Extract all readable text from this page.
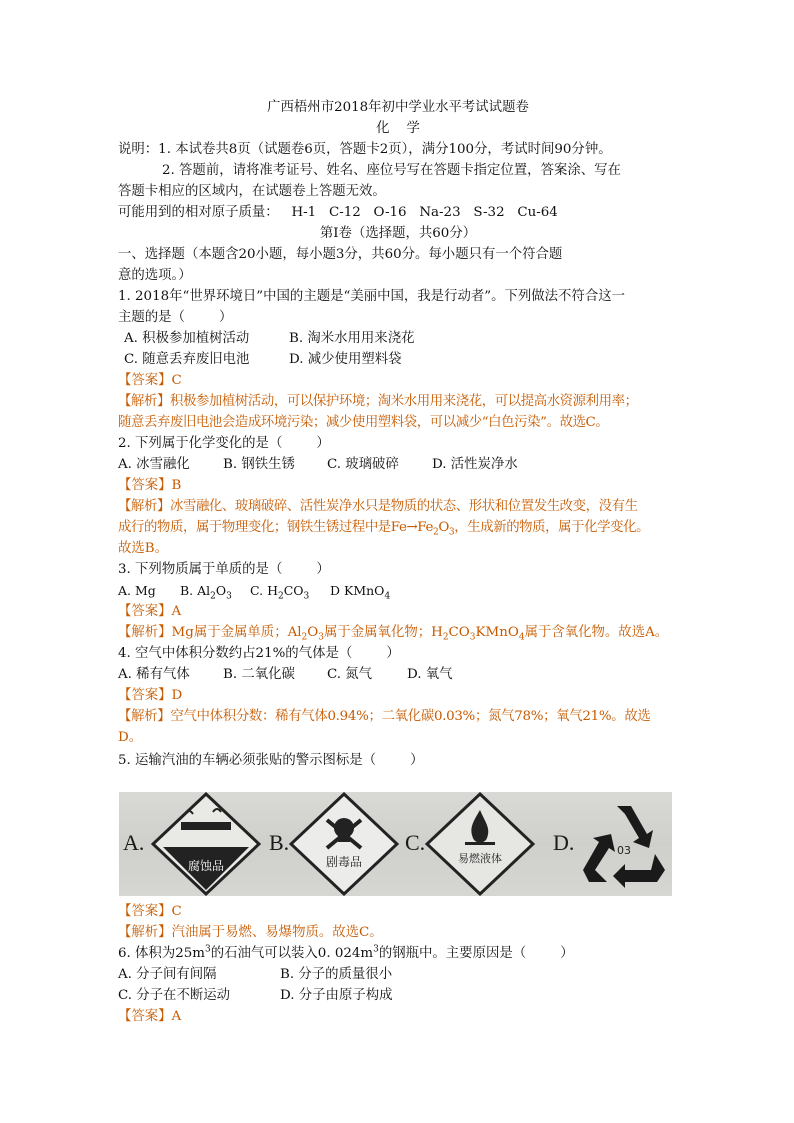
广西梧州市2018年初中学业水平考试试题卷
化    学
说明：1. 本试卷共8页（试题卷6页，答题卡2页），满分100分，考试时间90分钟。
2. 答题前，请将准考证号、姓名、座位号写在答题卡指定位置，答案涂、写在
答题卡相应的区域内，在试题卷上答题无效。
可能用到的相对原子质量：   H-1   C-12   O-16   Na-23   S-32   Cu-64
第Ⅰ卷（选择题，共60分）
一、选择题（本题含20小题，每小题3分，共60分。每小题只有一个符合题
意的选项。）
1. 2018年“世界环境日”中国的主题是“美丽中国，我是行动者”。下列做法不符合这一
主题的是（        ）
A. 积极参加植树活动	B. 淘米水用用来浇花
C. 随意丢弃废旧电池	D. 减少使用塑料袋
【答案】C
【解析】积极参加植树活动，可以保护环境；淘米水用用来浇花，可以提高水资源利用率；
随意丢弃废旧电池会造成环境污染；减少使用塑料袋，可以减少“白色污染”。故选C。
2. 下列属于化学变化的是（        ）
A. 冰雪融化 B. 钢铁生锈 C. 玻璃破碎 D. 活性炭净水
【答案】B
【解析】冰雪融化、玻璃破碎、活性炭净水只是物质的状态、形状和位置发生改变，没有生
成行的物质，属于物理变化；钢铁生锈过程中是$Fe\to Fe_2O_3$，生成新的物质，属于化学变化。
故选B。
3. 下列物质属于单质的是（        ）
A. Mg B. $Al_2O_3$ C. $H_2CO_3$ D KMnO$_4$
【答案】A
【解析】Mg属于金属单质；$Al_2O_3$属于金属氧化物；$H_2CO_3KMnO_4$属于含氧化物。故选A。
4. 空气中体积分数约占21%的气体是（        ）
A. 稀有气体 B. 二氧化碳 C. 氮气	D. 氧气
【答案】D
【解析】空气中体积分数：稀有气体0.94%；二氧化碳0.03%；氮气78%；氧气21%。故选
D。
5. 运输汽油的车辆必须张贴的警示图标是（        ）
A.
腐蚀品
B.
剧毒品
C.
易燃液体
D.	03
【答案】C
【解析】汽油属于易燃、易爆物质。故选C。
6. 体积为$25m^3$的石油气可以装入0. $024m^3$的钢瓶中。主要原因是（        ）
A. 分子间有间隔	B. 分子的质量很小
C. 分子在不断运动	D. 分子由原子构成
【答案】A
